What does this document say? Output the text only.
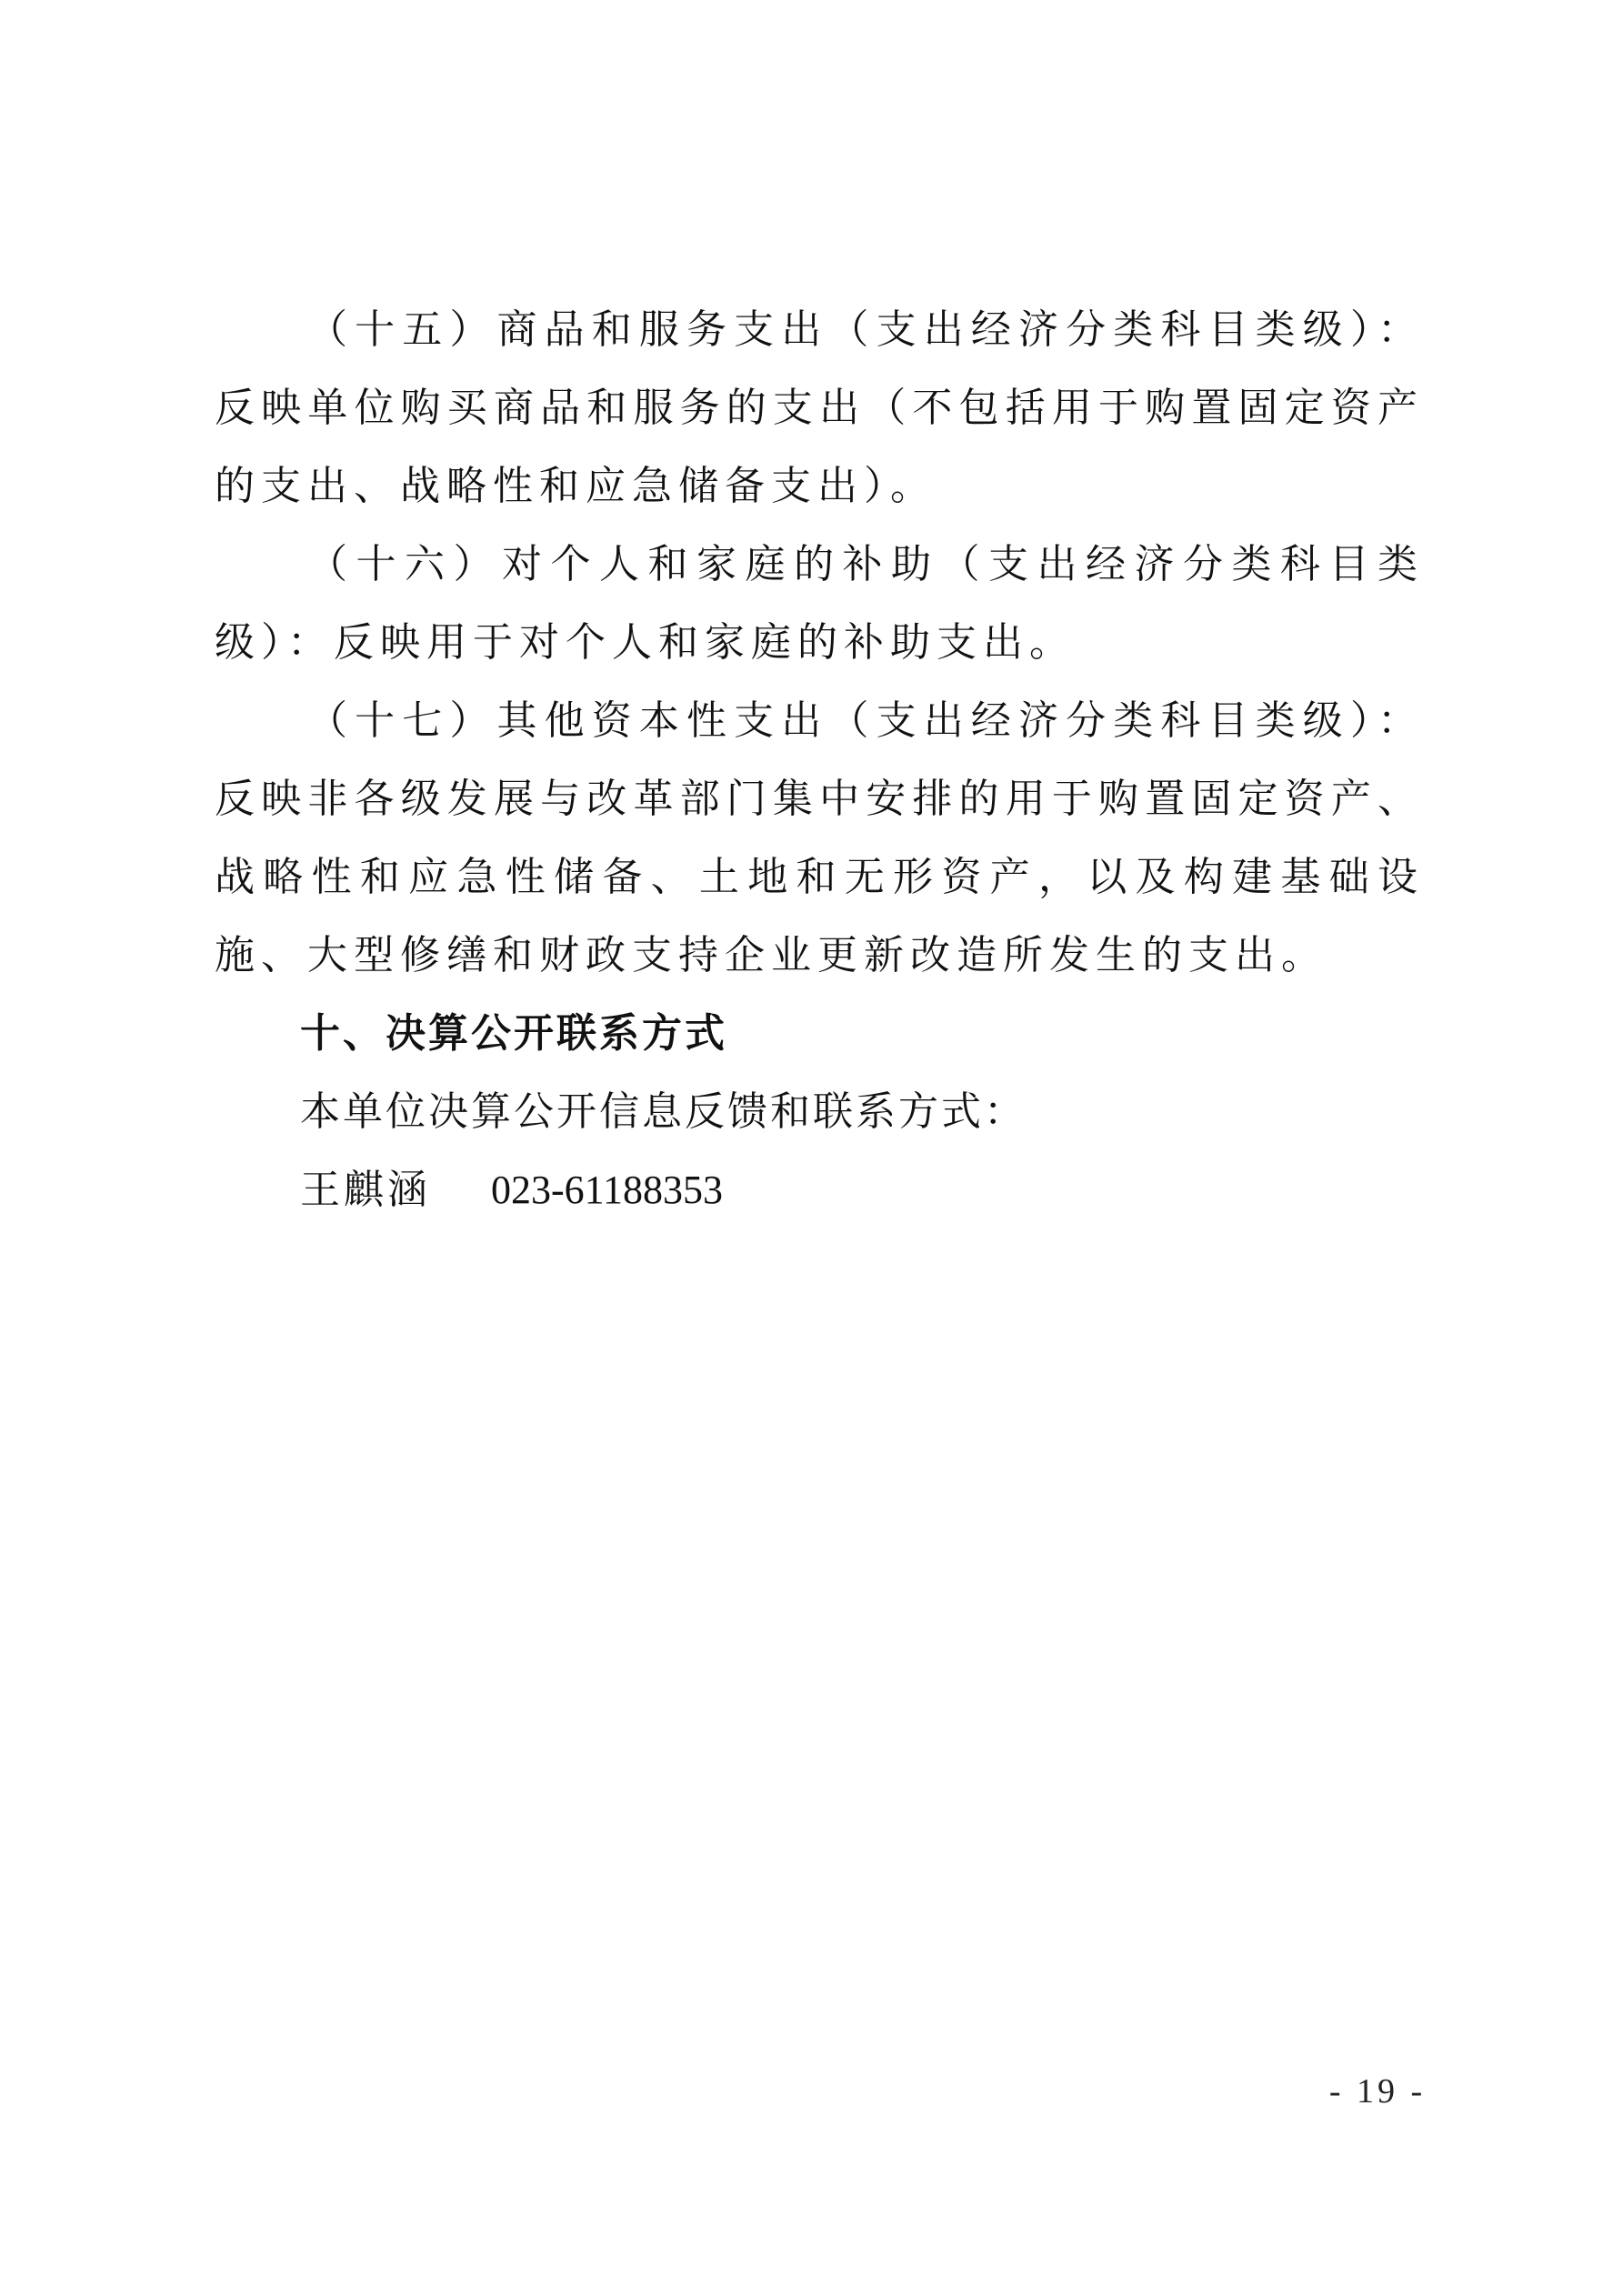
（十五）商品和服务支出（支出经济分类科目类级）：反映单位购买商品和服务的支出（不包括用于购置固定资产的支出、战略性和应急储备支出）。

（十六）对个人和家庭的补助（支出经济分类科目类级）：反映用于对个人和家庭的补助支出。

（十七）其他资本性支出（支出经济分类科目类级）：反映非各级发展与改革部门集中安排的用于购置固定资产、战略性和应急性储备、土地和无形资产，以及构建基础设施、大型修缮和财政支持企业更新改造所发生的支出。

十、决算公开联系方式

本单位决算公开信息反馈和联系方式：

王麒涵 023-61188353

- 19 -
